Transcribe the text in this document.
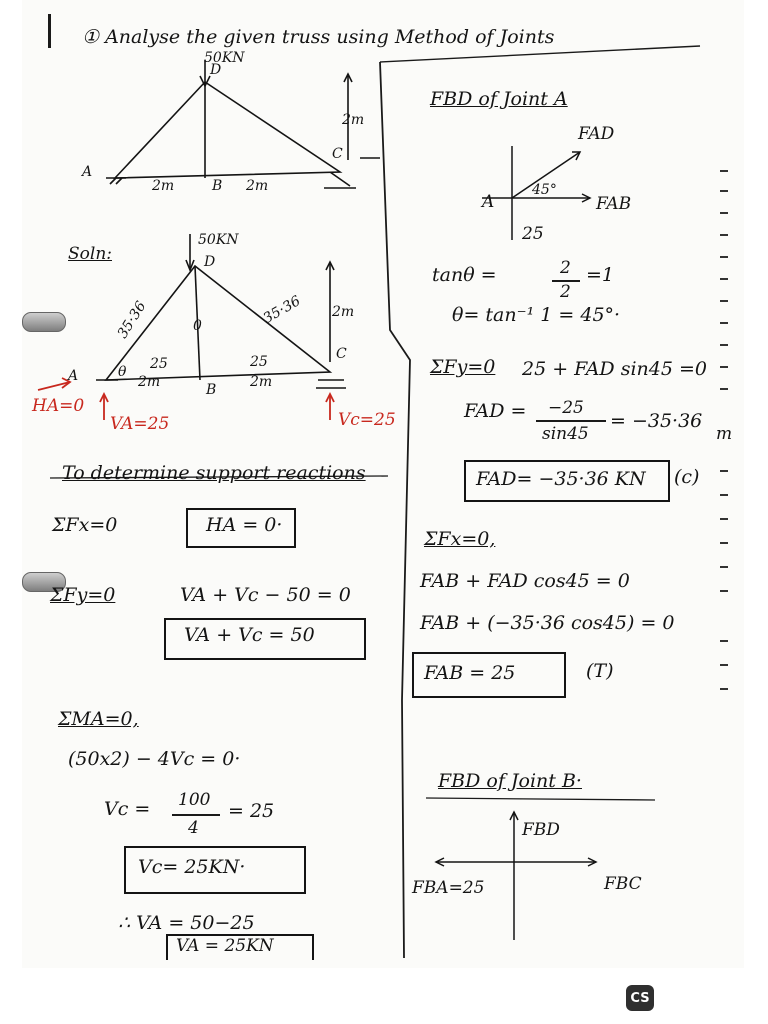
① Analyse the given truss using Method of Joints
50KN
A
B
C
D
2m	2m
2m
Soln:
50KN
A
B
C
D
35·36	35·36
25	25
2m	2m
2m
θ
0
HA=0
VA=25	Vc=25
To determine support reactions
ΣFx=0	HA = 0·
ΣFy=0	VA + Vc − 50 = 0
VA + Vc = 50
ΣMA=0,
(50x2) − 4Vc = 0·
Vc = 100
4
= 25
Vc= 25KN·
∴ VA = 50−25
VA = 25KN
FBD of Joint A
FAD
FAB
A
45°
25
tanθ =	2
2
=1
θ= tan⁻¹ 1 = 45°·
ΣFy=0 25 + FAD sin45 =0
FAD = −25
sin45
= −35·36
FAD= −35·36 KN (c)
ΣFx=0,
FAB + FAD cos45 = 0
FAB + (−35·36 cos45) = 0
FAB = 25	(T)
FBD of Joint B·
FBD
FBC
FBA=25
m
CS
